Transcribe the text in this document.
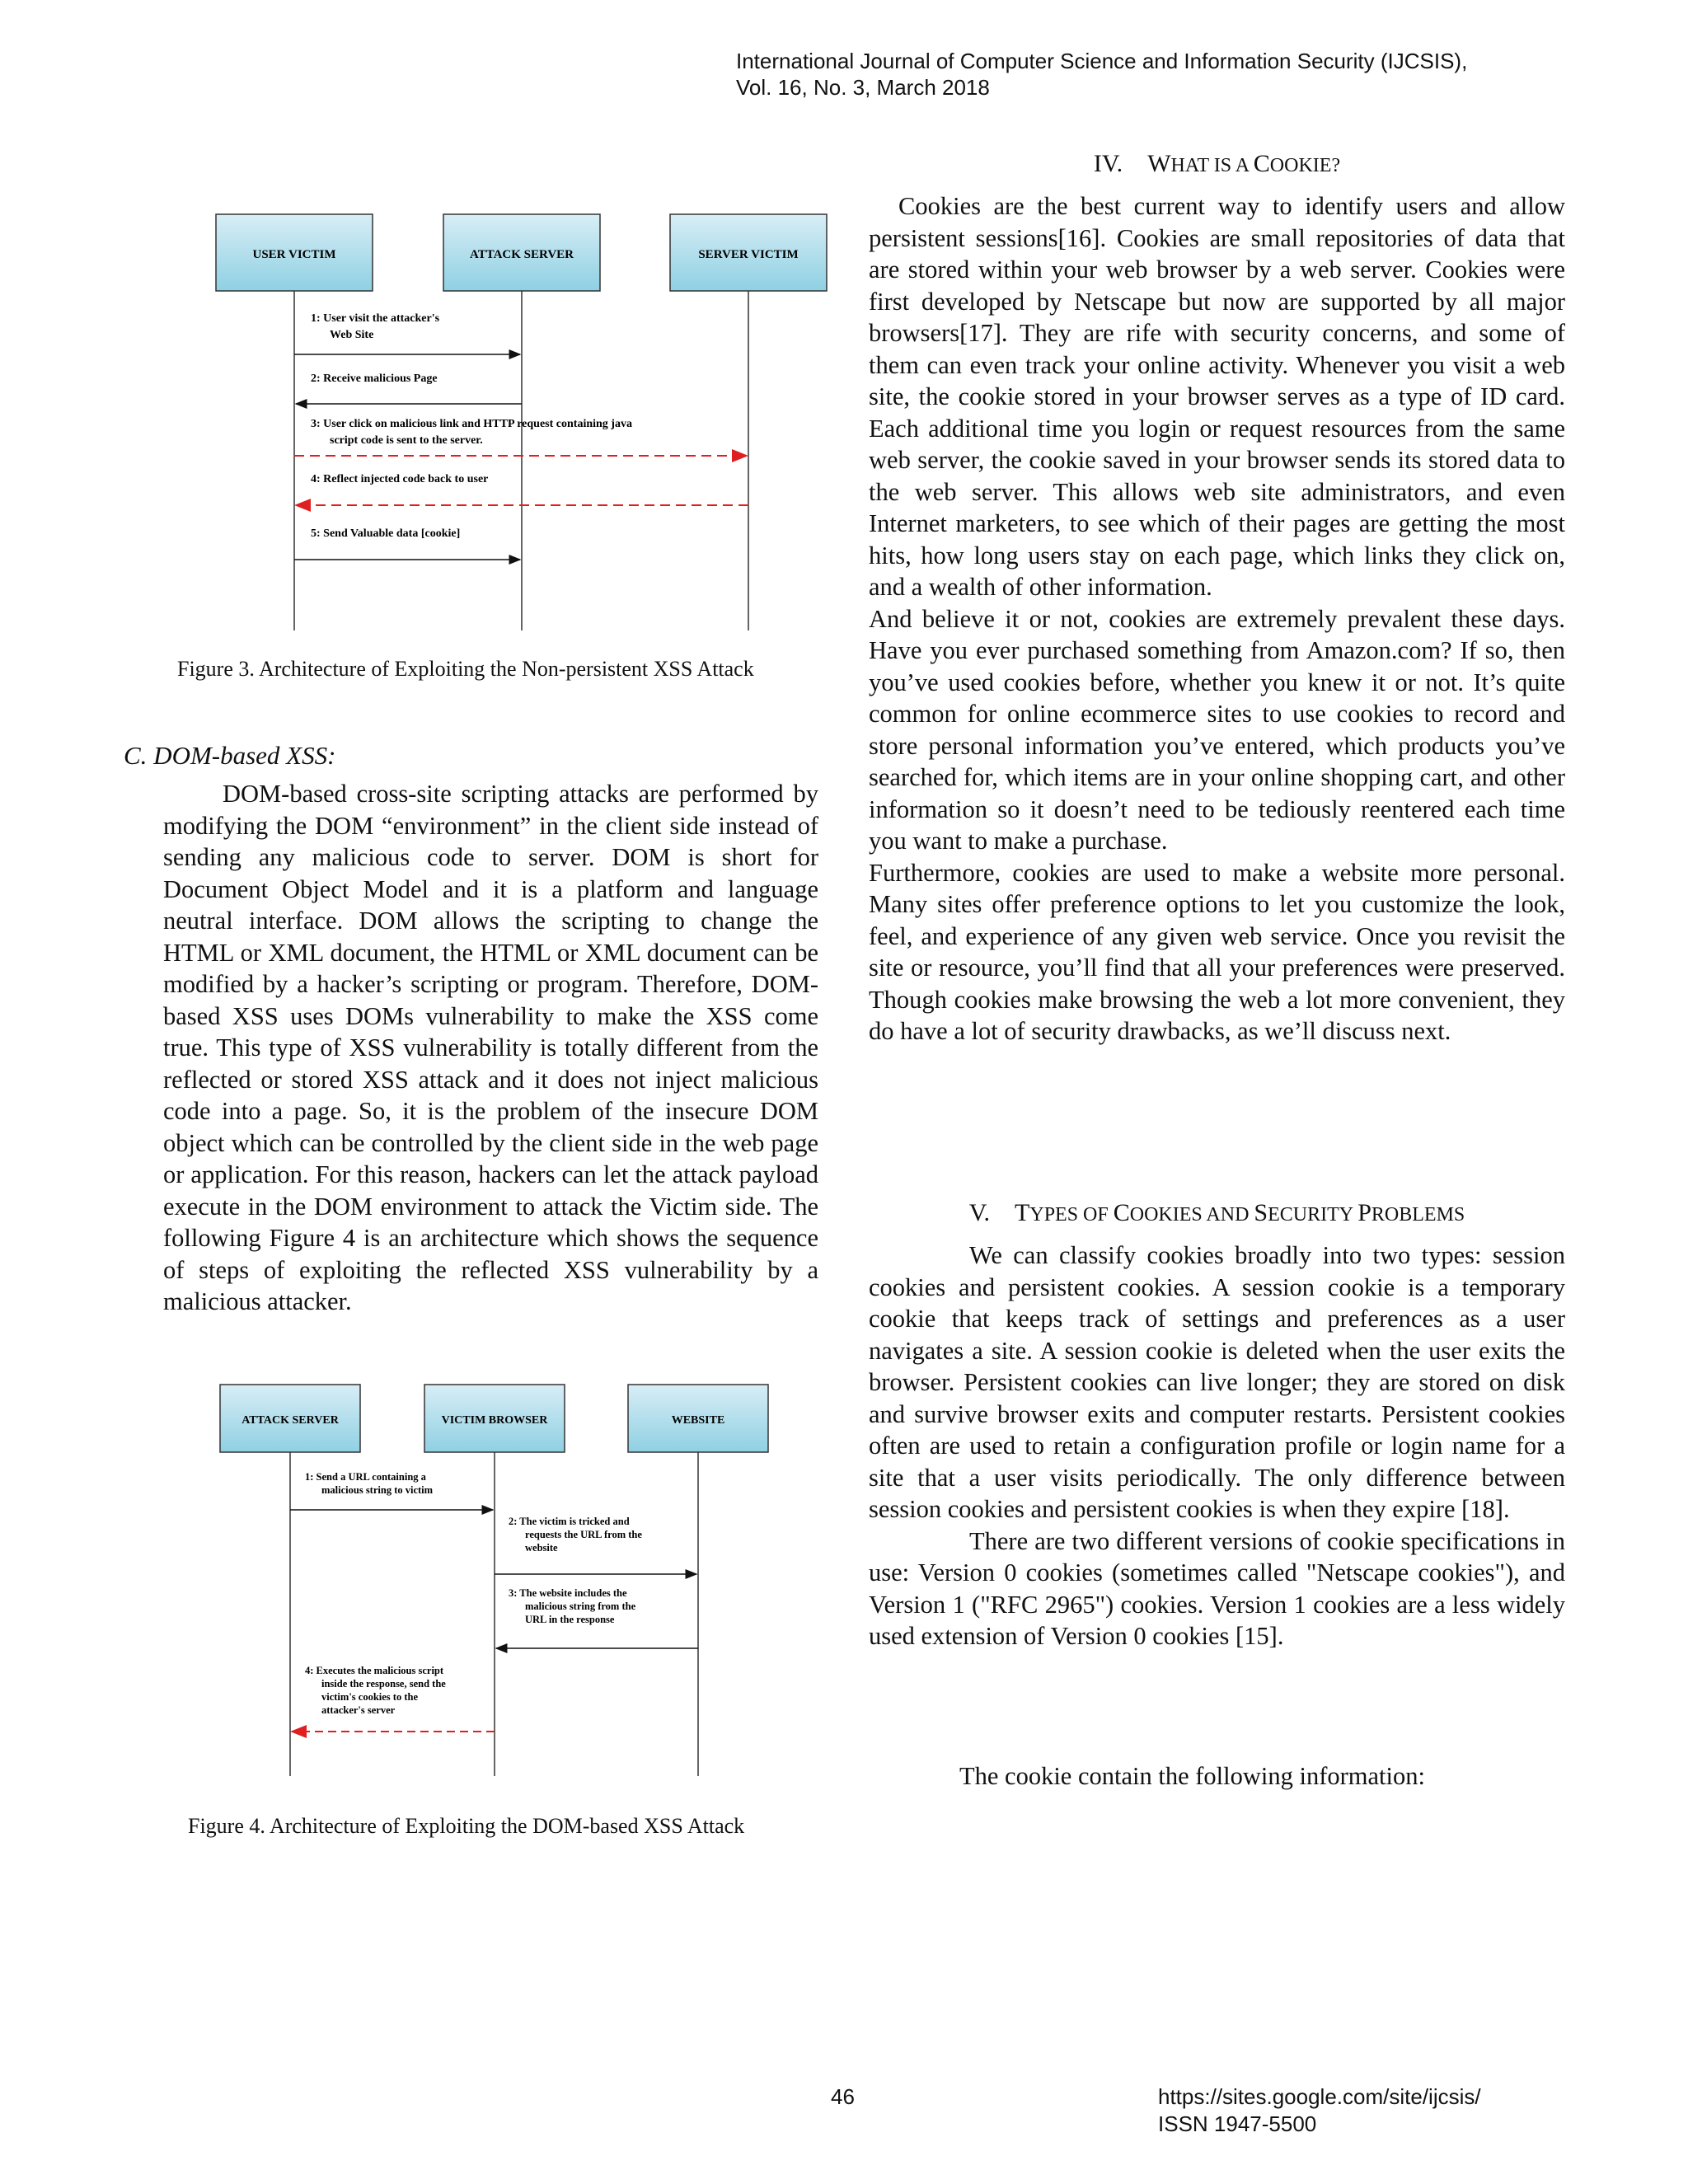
International Journal of Computer Science and Information Security (IJCSIS),
Vol. 16, No. 3, March 2018
USER VICTIM	ATTACK SERVER	SERVER VICTIM
1: User visit the attacker's
Web Site
2: Receive malicious Page
3: User click on malicious link and HTTP request containing java
script code is sent to the server.
4: Reflect injected code back to user
5: Send Valuable data [cookie]
Figure 3. Architecture of Exploiting the Non-persistent XSS Attack
C. DOM-based XSS:

DOM-based cross-site scripting attacks are performed by modifying the DOM “environment” in the client side instead of sending any malicious code to server. DOM is short for Document Object Model and it is a platform and language neutral interface. DOM allows the scripting to change the HTML or XML document, the HTML or XML document can be modified by a hacker’s scripting or program. Therefore, DOM-based XSS uses DOMs vulnerability to make the XSS come true. This type of XSS vulnerability is totally different from the reflected or stored XSS attack and it does not inject malicious code into a page. So, it is the problem of the insecure DOM object which can be controlled by the client side in the web page or application. For this reason, hackers can let the attack payload execute in the DOM environment to attack the Victim side. The following Figure 4 is an architecture which shows the sequence of steps of exploiting the reflected XSS vulnerability by a malicious attacker.

ATTACK SERVER	VICTIM BROWSER	WEBSITE
1: Send a URL containing a
malicious string to victim
2: The victim is tricked and
requests the URL from the
website
3: The website includes the
malicious string from the
URL in the response
4: Executes the malicious script
inside the response, send the
victim's cookies to the
attacker's server
Figure 4. Architecture of Exploiting the DOM-based XSS Attack
IV. WHAT IS A COOKIE?

Cookies are the best current way to identify users and allow persistent sessions[16]. Cookies are small repositories of data that are stored within your web browser by a web server. Cookies were first developed by Netscape but now are supported by all major browsers[17]. They are rife with security concerns, and some of them can even track your online activity. Whenever you visit a web site, the cookie stored in your browser serves as a type of ID card. Each additional time you login or request resources from the same web server, the cookie saved in your browser sends its stored data to the web server. This allows web site administrators, and even Internet marketers, to see which of their pages are getting the most hits, how long users stay on each page, which links they click on, and a wealth of other information.

And believe it or not, cookies are extremely prevalent these days. Have you ever purchased something from Amazon.com? If so, then you’ve used cookies before, whether you knew it or not. It’s quite common for online ecommerce sites to use cookies to record and store personal information you’ve entered, which products you’ve searched for, which items are in your online shopping cart, and other information so it doesn’t need to be tediously reentered each time you want to make a purchase.

Furthermore, cookies are used to make a website more personal. Many sites offer preference options to let you customize the look, feel, and experience of any given web service. Once you revisit the site or resource, you’ll find that all your preferences were preserved. Though cookies make browsing the web a lot more convenient, they do have a lot of security drawbacks, as we’ll discuss next.

V. TYPES OF COOKIES AND SECURITY PROBLEMS

We can classify cookies broadly into two types: session cookies and persistent cookies. A session cookie is a temporary cookie that keeps track of settings and preferences as a user navigates a site. A session cookie is deleted when the user exits the browser. Persistent cookies can live longer; they are stored on disk and survive browser exits and computer restarts. Persistent cookies often are used to retain a configuration profile or login name for a site that a user visits periodically. The only difference between session cookies and persistent cookies is when they expire [18].

There are two different versions of cookie specifications in use: Version 0 cookies (sometimes called "Netscape cookies"), and Version 1 ("RFC 2965") cookies. Version 1 cookies are a less widely used extension of Version 0 cookies [15].

The cookie contain the following information:

46	https://sites.google.com/site/ijcsis/
ISSN 1947-5500
